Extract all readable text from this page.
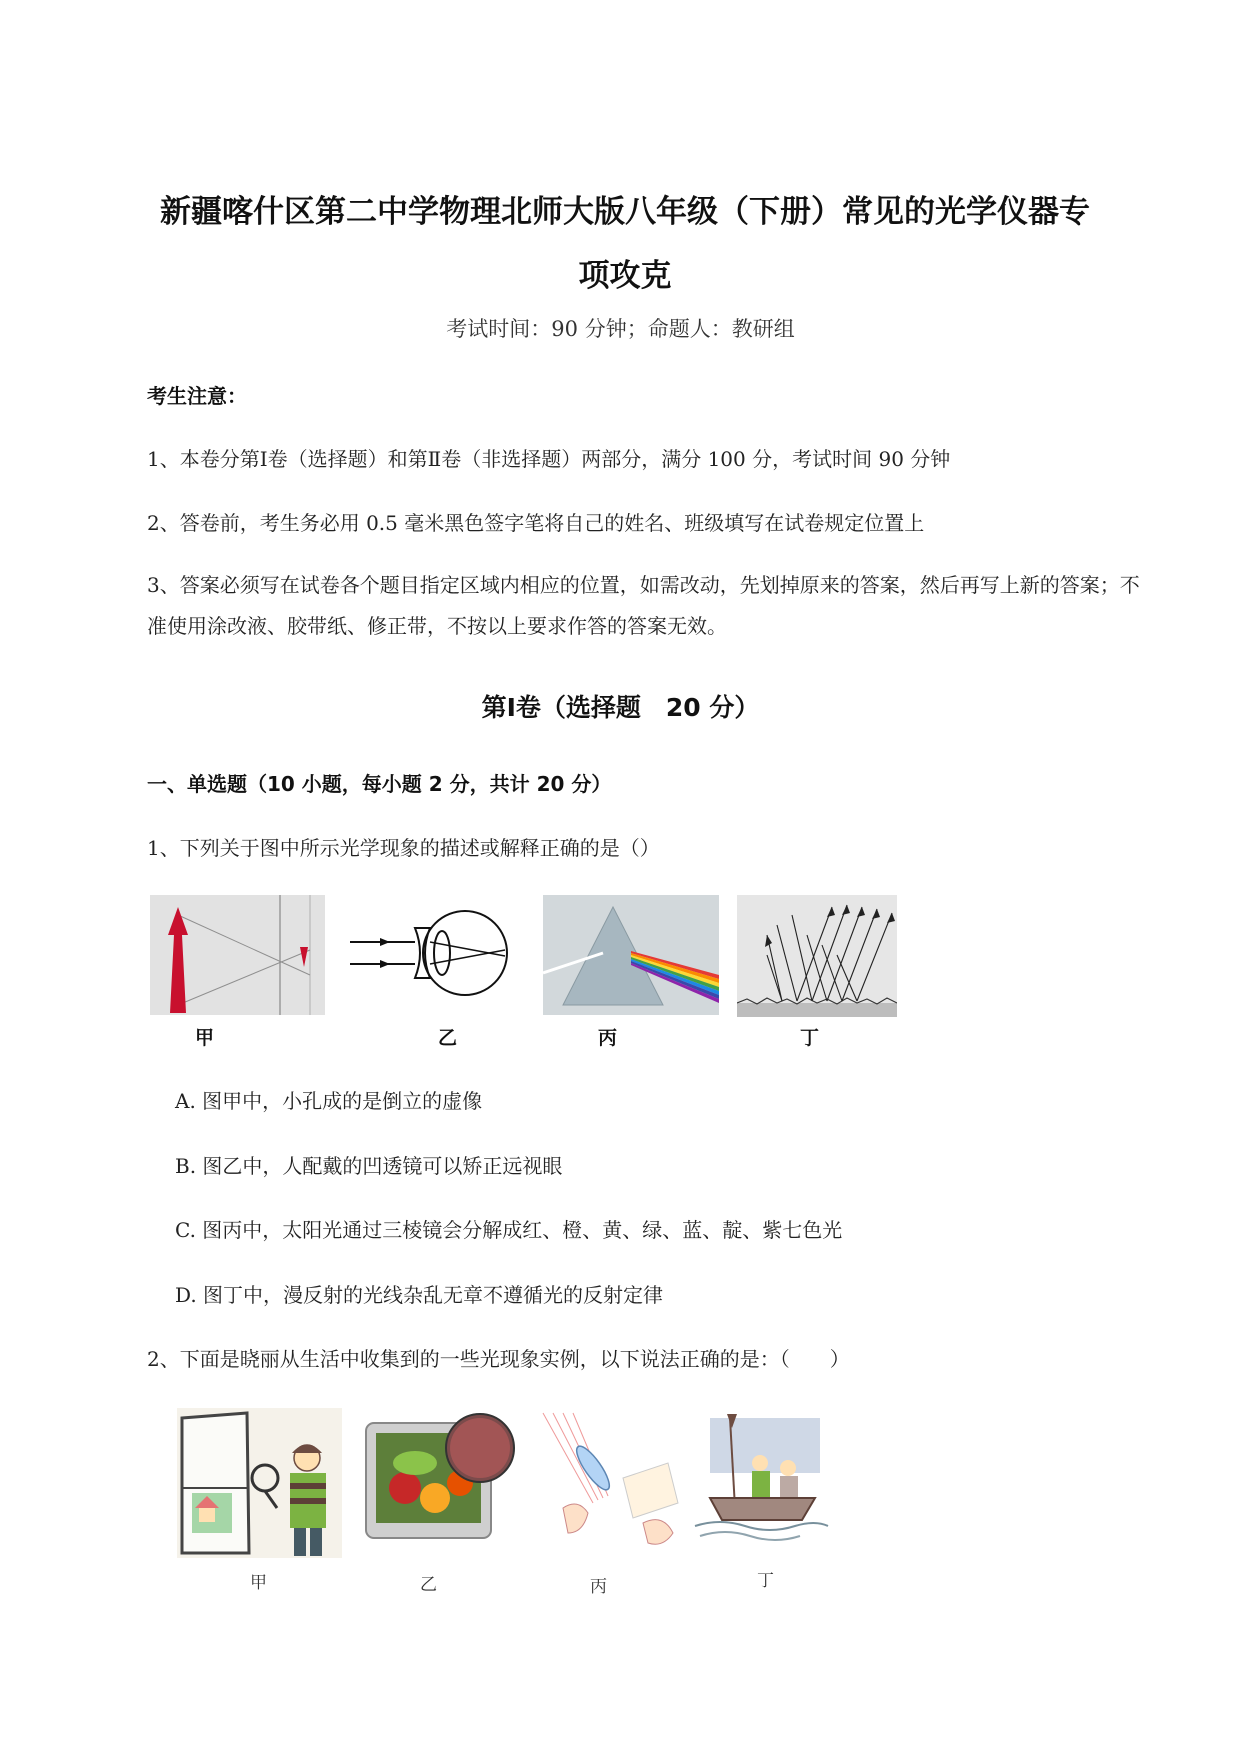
新疆喀什区第二中学物理北师大版八年级（下册）常见的光学仪器专
项攻克
考试时间：90 分钟；命题人：教研组
考生注意：
1、本卷分第Ⅰ卷（选择题）和第Ⅱ卷（非选择题）两部分，满分 100 分，考试时间 90 分钟
2、答卷前，考生务必用 0.5 毫米黑色签字笔将自己的姓名、班级填写在试卷规定位置上
3、答案必须写在试卷各个题目指定区域内相应的位置，如需改动，先划掉原来的答案，然后再写上新的答案；不准使用涂改液、胶带纸、修正带，不按以上要求作答的答案无效。
第Ⅰ卷（选择题　20 分）
一、单选题（10 小题，每小题 2 分，共计 20 分）
1、下列关于图中所示光学现象的描述或解释正确的是（）
甲	乙	丙	丁
A. 图甲中，小孔成的是倒立的虚像
B. 图乙中，人配戴的凹透镜可以矫正远视眼
C. 图丙中，太阳光通过三棱镜会分解成红、橙、黄、绿、蓝、靛、紫七色光
D. 图丁中，漫反射的光线杂乱无章不遵循光的反射定律
2、下面是晓丽从生活中收集到的一些光现象实例，以下说法正确的是：（　　）
甲	乙	丙	丁
